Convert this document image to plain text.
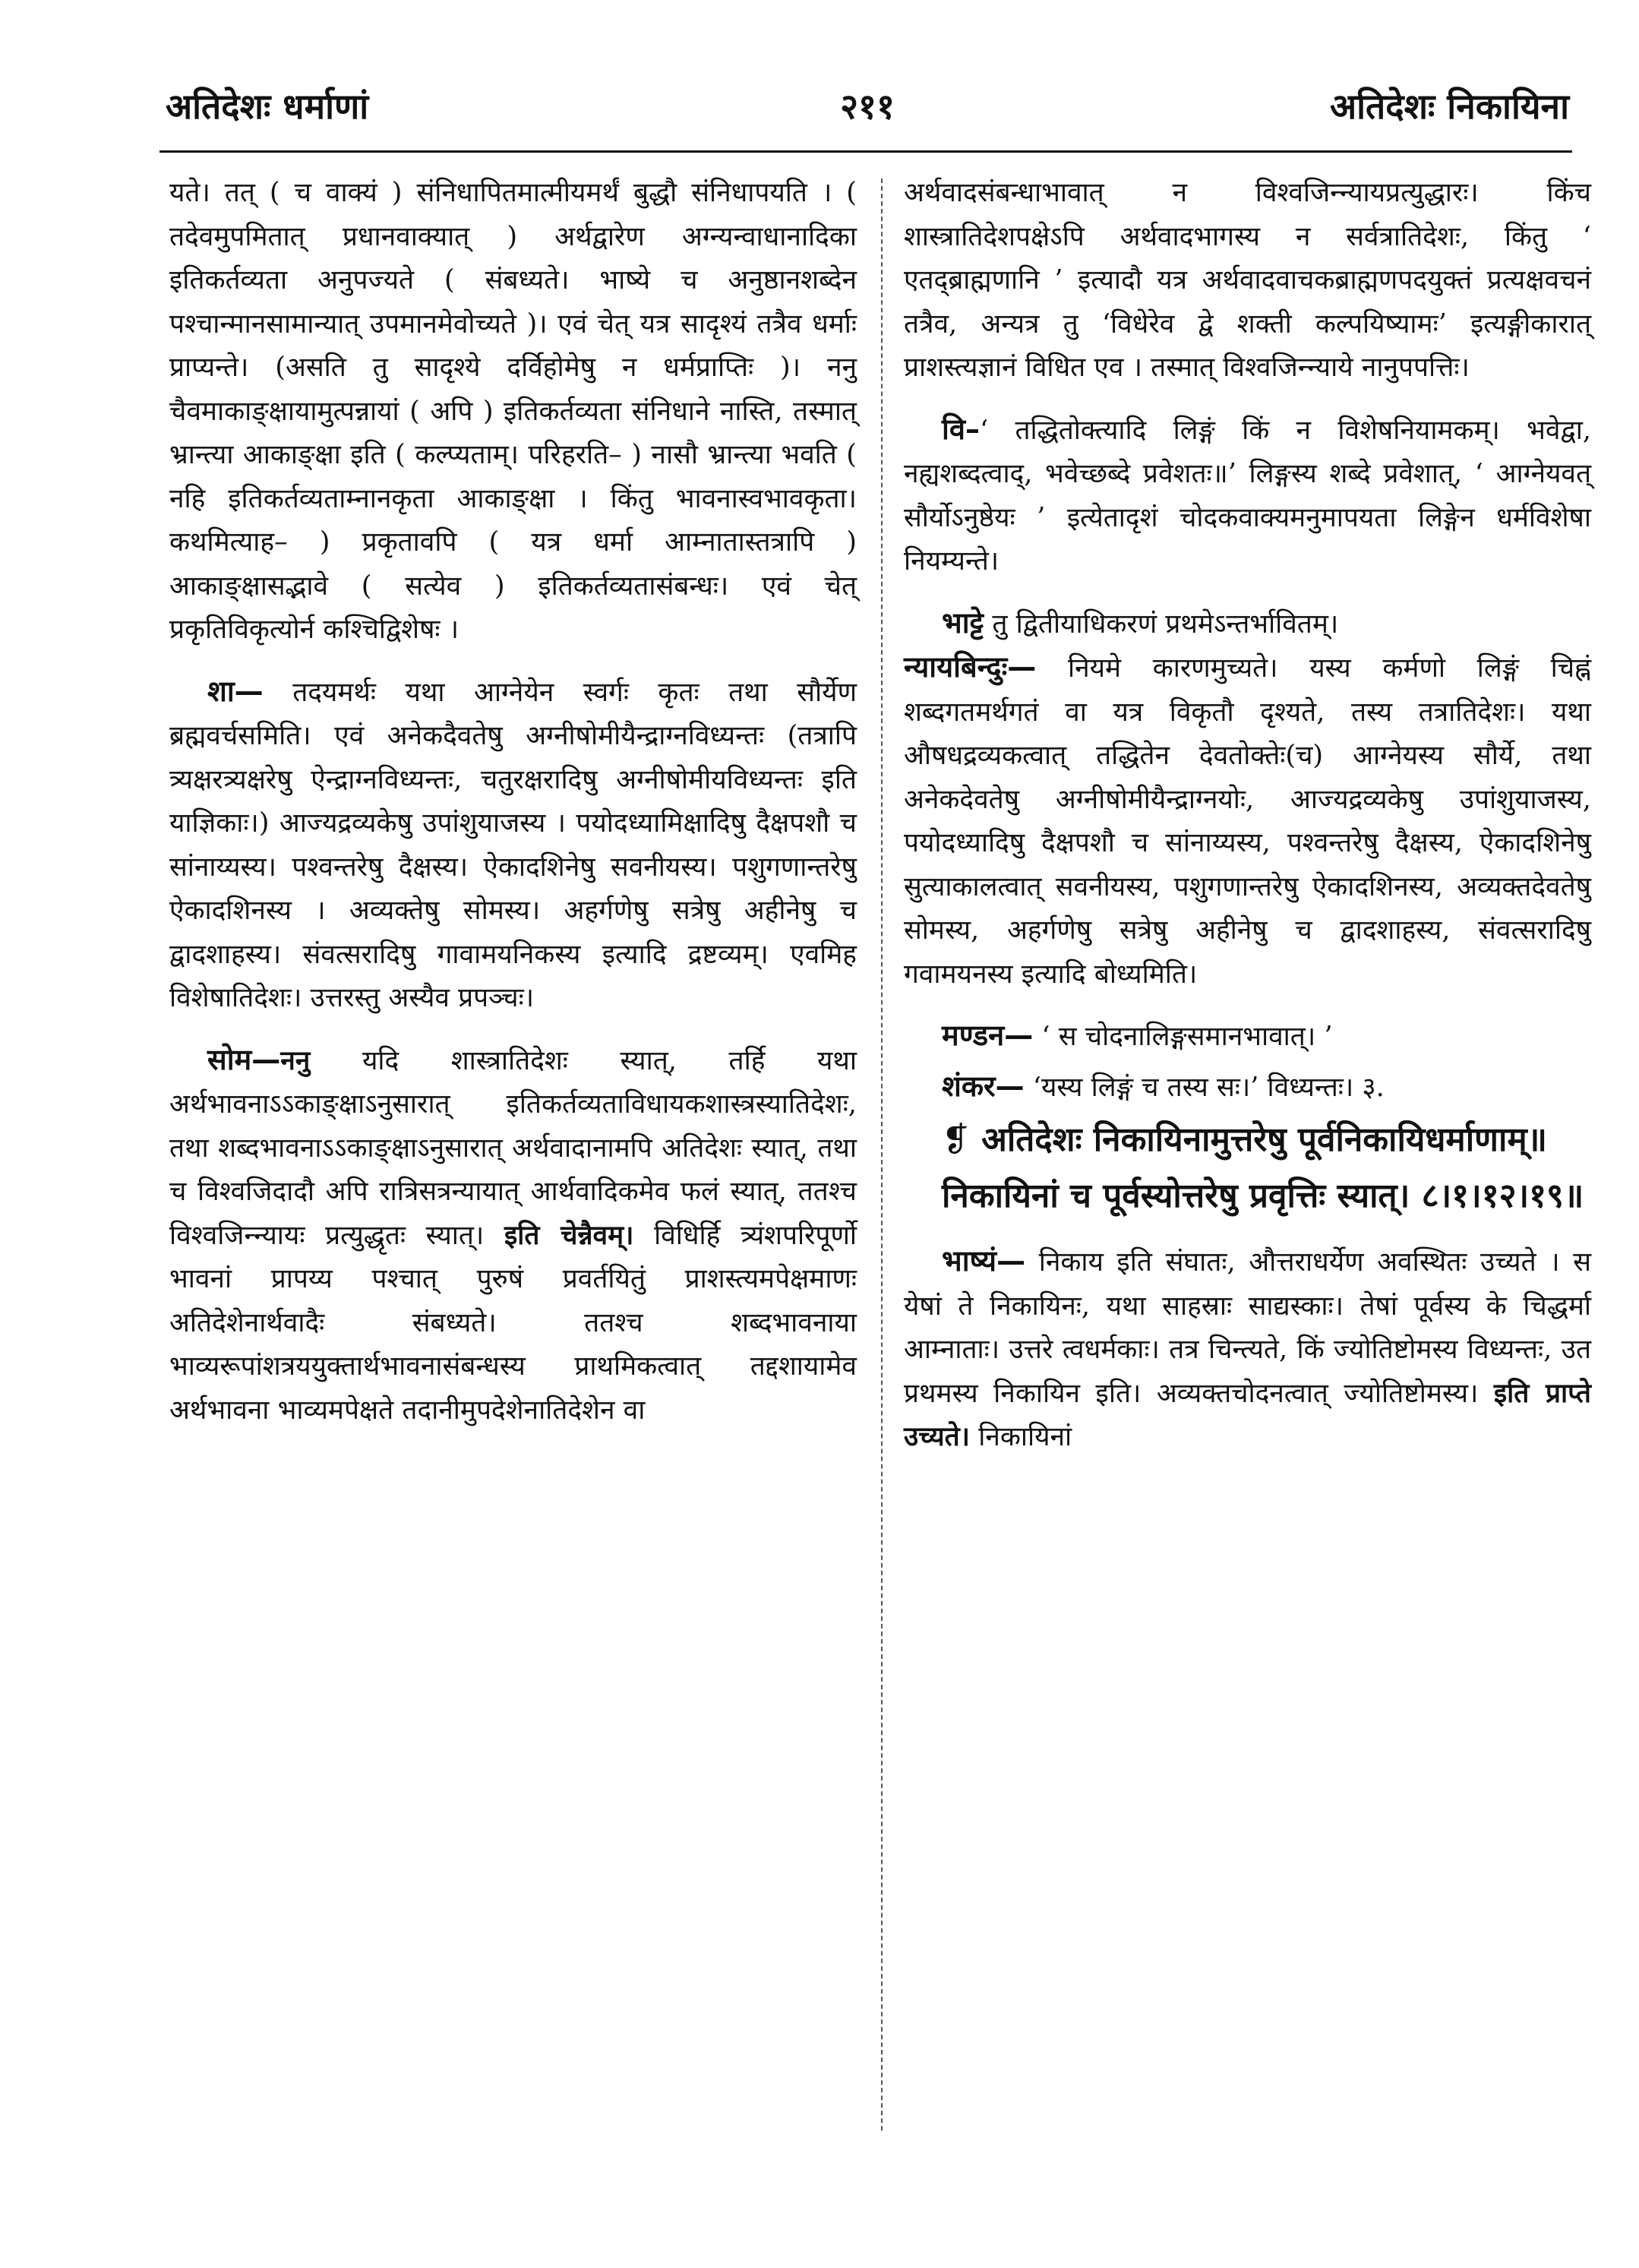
अतिदेशः धर्माणां	२११	अतिदेशः निकायिना

यते। तत् ( च वाक्यं ) संनिधापितमात्मीयमर्थं बुद्धौ संनिधापयति । ( तदेवमुपमितात् प्रधानवाक्यात् ) अर्थद्वारेण अग्न्यन्वाधानादिका इतिकर्तव्यता अनुपज्यते ( संबध्यते। भाष्ये च अनुष्ठानशब्देन पश्चान्मानसामान्यात् उपमानमेवोच्यते )। एवं चेत् यत्र सादृश्यं तत्रैव धर्माः प्राप्यन्ते। (असति तु सादृश्ये दर्विहोमेषु न धर्मप्राप्तिः )। ननु चैवमाकाङ्क्षायामुत्पन्नायां ( अपि ) इतिकर्तव्यता संनिधाने नास्ति, तस्मात् भ्रान्त्या आकाङ्क्षा इति ( कल्प्यताम्। परिहरति– ) नासौ भ्रान्त्या भवति ( नहि इतिकर्तव्यताम्नानकृता आकाङ्क्षा । किंतु भावनास्वभावकृता। कथमित्याह– ) प्रकृतावपि ( यत्र धर्मा आम्नातास्तत्रापि ) आकाङ्क्षासद्भावे ( सत्येव ) इतिकर्तव्यतासंबन्धः। एवं चेत् प्रकृतिविकृत्योर्न कश्चिद्विशेषः ।

शा— तदयमर्थः यथा आग्नेयेन स्वर्गः कृतः तथा सौर्येण ब्रह्मवर्चसमिति। एवं अनेकदैवतेषु अग्नीषोमीयैन्द्राग्नविध्यन्तः (तत्रापि त्र्यक्षरत्र्यक्षरेषु ऐन्द्राग्नविध्यन्तः, चतुरक्षरादिषु अग्नीषोमीयविध्यन्तः इति याज्ञिकाः।) आज्यद्रव्यकेषु उपांशुयाजस्य । पयोदध्यामिक्षादिषु दैक्षपशौ च सांनाय्यस्य। पश्वन्तरेषु दैक्षस्य। ऐकादशिनेषु सवनीयस्य। पशुगणान्तरेषु ऐकादशिनस्य । अव्यक्तेषु सोमस्य। अहर्गणेषु सत्रेषु अहीनेषु च द्वादशाहस्य। संवत्सरादिषु गावामयनिकस्य इत्यादि द्रष्टव्यम्। एवमिह विशेषातिदेशः। उत्तरस्तु अस्यैव प्रपञ्चः।

सोम—ननु यदि शास्त्रातिदेशः स्यात्, तर्हि यथा अर्थभावनाऽऽकाङ्क्षाऽनुसारात् इतिकर्तव्यताविधायकशास्त्रस्यातिदेशः, तथा शब्दभावनाऽऽकाङ्क्षाऽनुसारात् अर्थवादानामपि अतिदेशः स्यात्, तथा च विश्वजिदादौ अपि रात्रिसत्रन्यायात् आर्थवादिकमेव फलं स्यात्, ततश्च विश्वजिन्न्यायः प्रत्युद्धृतः स्यात्। इति चेन्नैवम्। विधिर्हि त्र्यंशपरिपूर्णो भावनां प्रापय्य पश्चात् पुरुषं प्रवर्तयितुं प्राशस्त्यमपेक्षमाणः अतिदेशेनार्थवादैः संबध्यते। ततश्च शब्दभावनाया भाव्यरूपांशत्रययुक्तार्थभावनासंबन्धस्य प्राथमिकत्वात् तद्दशायामेव अर्थभावना भाव्यमपेक्षते तदानीमुपदेशेनातिदेशेन वा

अर्थवादसंबन्धाभावात् न विश्वजिन्न्यायप्रत्युद्धारः। किंच शास्त्रातिदेशपक्षेऽपि अर्थवादभागस्य न सर्वत्रातिदेशः, किंतु ‘ एतद्ब्राह्मणानि ’ इत्यादौ यत्र अर्थवादवाचकब्राह्मणपदयुक्तं प्रत्यक्षवचनं तत्रैव, अन्यत्र तु ‘विधेरेव द्वे शक्ती कल्पयिष्यामः’ इत्यङ्गीकारात् प्राशस्त्यज्ञानं विधित एव । तस्मात् विश्वजिन्न्याये नानुपपत्तिः।

वि–‘ तद्धितोक्त्यादि लिङ्गं किं न विशेषनियामकम्। भवेद्वा, नह्यशब्दत्वाद्, भवेच्छब्दे प्रवेशतः॥’ लिङ्गस्य शब्दे प्रवेशात्, ‘ आग्नेयवत् सौर्योऽनुष्ठेयः ’ इत्येतादृशं चोदकवाक्यमनुमापयता लिङ्गेन धर्मविशेषा नियम्यन्ते।

भाट्टे तु द्वितीयाधिकरणं प्रथमेऽन्तर्भावितम्।

न्यायबिन्दुः— नियमे कारणमुच्यते। यस्य कर्मणो लिङ्गं चिह्नं शब्दगतमर्थगतं वा यत्र विकृतौ दृश्यते, तस्य तत्रातिदेशः। यथा औषधद्रव्यकत्वात् तद्धितेन देवतोक्तेः(च) आग्नेयस्य सौर्ये, तथा अनेकदेवतेषु अग्नीषोमीयैन्द्राग्नयोः, आज्यद्रव्यकेषु उपांशुयाजस्य, पयोदध्यादिषु दैक्षपशौ च सांनाय्यस्य, पश्वन्तरेषु दैक्षस्य, ऐकादशिनेषु सुत्याकालत्वात् सवनीयस्य, पशुगणान्तरेषु ऐकादशिनस्य, अव्यक्तदेवतेषु सोमस्य, अहर्गणेषु सत्रेषु अहीनेषु च द्वादशाहस्य, संवत्सरादिषु गवामयनस्य इत्यादि बोध्यमिति।

मण्डन— ‘ स चोदनालिङ्गसमानभावात्। ’

शंकर— ‘यस्य लिङ्गं च तस्य सः।’ विध्यन्तः। ३.

❡ अतिदेशः निकायिनामुत्तरेषु पूर्वनिकायिधर्माणाम्॥

निकायिनां च पूर्वस्योत्तरेषु प्रवृत्तिः स्यात्। ८।१।१२।१९॥

भाष्यं— निकाय इति संघातः, औत्तराधर्येण अवस्थितः उच्यते । स येषां ते निकायिनः, यथा साहस्राः साद्यस्काः। तेषां पूर्वस्य के चिद्धर्मा आम्नाताः। उत्तरे त्वधर्मकाः। तत्र चिन्त्यते, किं ज्योतिष्टोमस्य विध्यन्तः, उत प्रथमस्य निकायिन इति। अव्यक्तचोदनत्वात् ज्योतिष्टोमस्य। इति प्राप्ते उच्यते। निकायिनां
